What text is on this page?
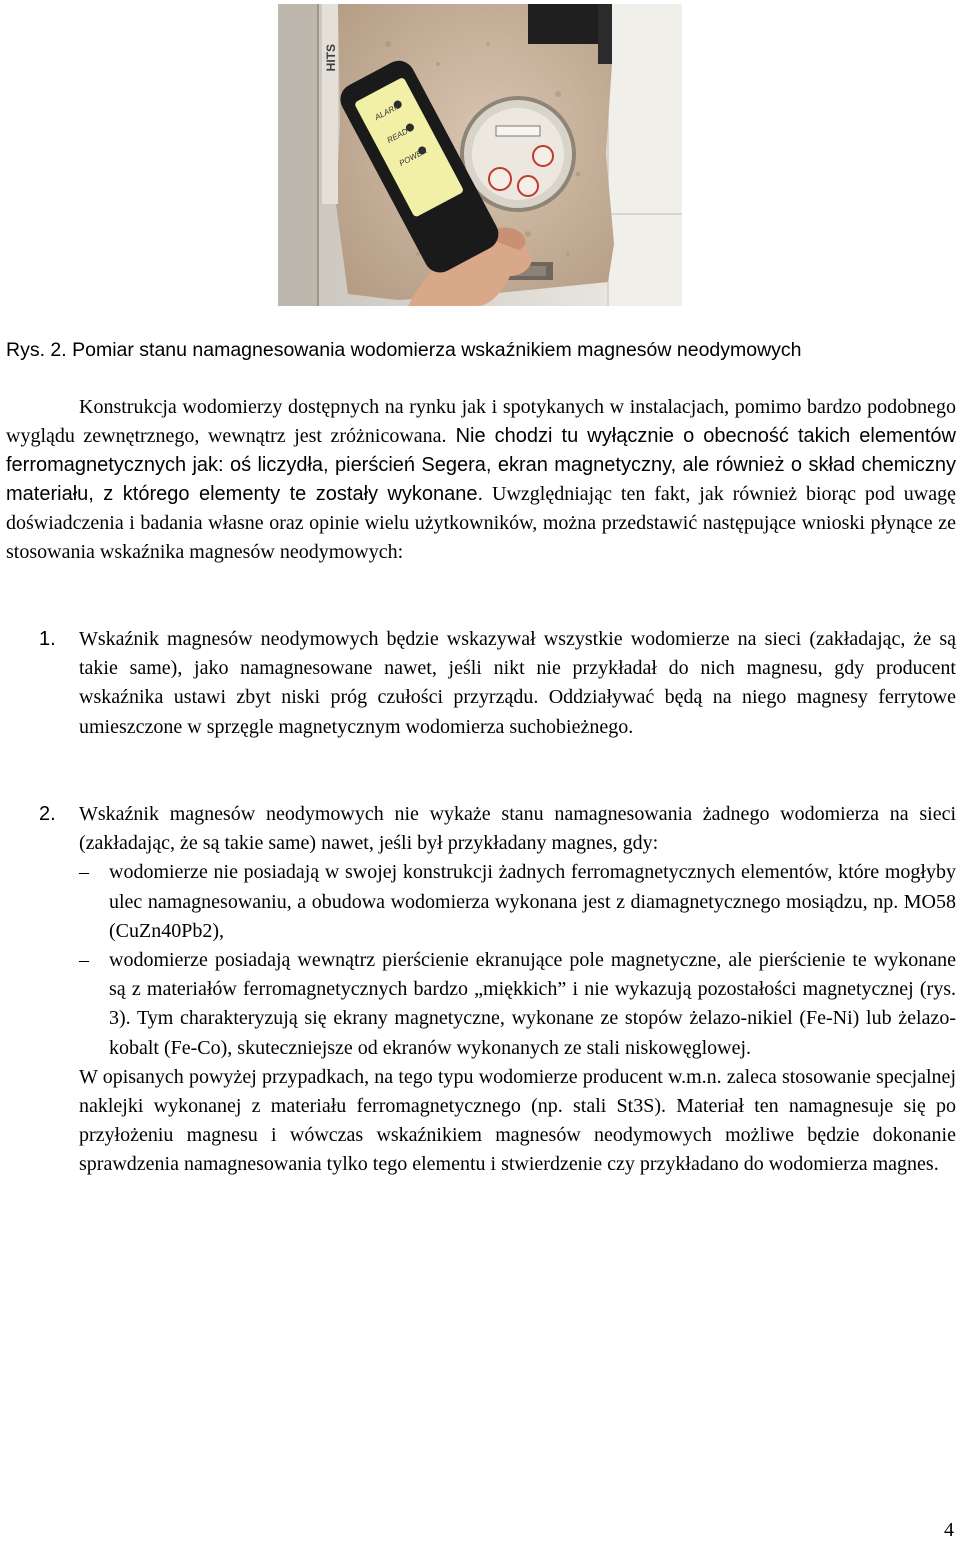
HITS
ALARM
READY
POWER
Rys. 2. Pomiar stanu namagnesowania wodomierza wskaźnikiem magnesów neodymowych

Konstrukcja wodomierzy dostępnych na rynku jak i spotykanych w instalacjach, pomimo bardzo podobnego wyglądu zewnętrznego, wewnątrz jest zróżnicowana. Nie chodzi tu wyłącznie o obecność takich elementów ferromagnetycznych jak: oś liczydła, pierścień Segera, ekran magnetyczny, ale również o skład chemiczny materiału, z którego elementy te zostały wykonane. Uwzględniając ten fakt, jak również biorąc pod uwagę doświadczenia i badania własne oraz opinie wielu użytkowników, można przedstawić następujące wnioski płynące ze stosowania wskaźnika magnesów neodymowych:

1. Wskaźnik magnesów neodymowych będzie wskazywał wszystkie wodomierze na sieci (zakładając, że są takie same), jako namagnesowane nawet, jeśli nikt nie przykładał do nich magnesu, gdy producent wskaźnika ustawi zbyt niski próg czułości przyrządu. Oddziaływać będą na niego magnesy ferrytowe umieszczone w sprzęgle magnetycznym wodomierza suchobieżnego.
2. Wskaźnik magnesów neodymowych nie wykaże stanu namagnesowania żadnego wodomierza na sieci (zakładając, że są takie same) nawet, jeśli był przykładany magnes, gdy:
– wodomierze nie posiadają w swojej konstrukcji żadnych ferromagnetycznych elementów, które mogłyby ulec namagnesowaniu, a obudowa wodomierza wykonana jest z diamagnetycznego mosiądzu, np. MO58 (CuZn40Pb2),
– wodomierze posiadają wewnątrz pierścienie ekranujące pole magnetyczne, ale pierścienie te wykonane są z materiałów ferromagnetycznych bardzo „miękkich” i nie wykazują pozostałości magnetycznej (rys. 3). Tym charakteryzują się ekrany magnetyczne, wykonane ze stopów żelazo-nikiel (Fe-Ni) lub żelazo-kobalt (Fe-Co), skuteczniejsze od ekranów wykonanych ze stali niskowęglowej.
W opisanych powyżej przypadkach, na tego typu wodomierze producent w.m.n. zaleca stosowanie specjalnej naklejki wykonanej z materiału ferromagnetycznego (np. stali St3S). Materiał ten namagnesuje się po przyłożeniu magnesu i wówczas wskaźnikiem magnesów neodymowych możliwe będzie dokonanie sprawdzenia namagnesowania tylko tego elementu i stwierdzenie czy przykładano do wodomierza magnes.
4
